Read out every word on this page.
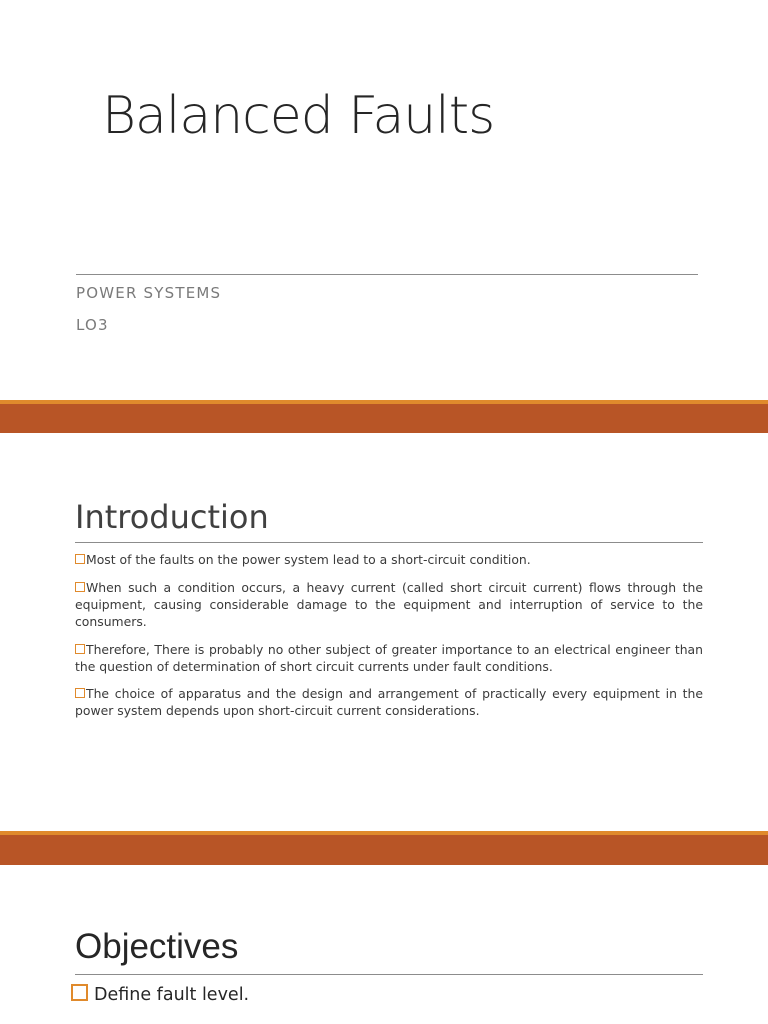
Balanced Faults
POWER SYSTEMS
LO3
Introduction
Most of the faults on the power system lead to a short-circuit condition.
When such a condition occurs, a heavy current (called short circuit current) flows through the equipment, causing considerable damage to the equipment and interruption of service to the consumers.
Therefore, There is probably no other subject of greater importance to an electrical engineer than the question of determination of short circuit currents under fault conditions.
The choice of apparatus and the design and arrangement of practically every equipment in the power system depends upon short-circuit current considerations.
Objectives
Define fault level.
